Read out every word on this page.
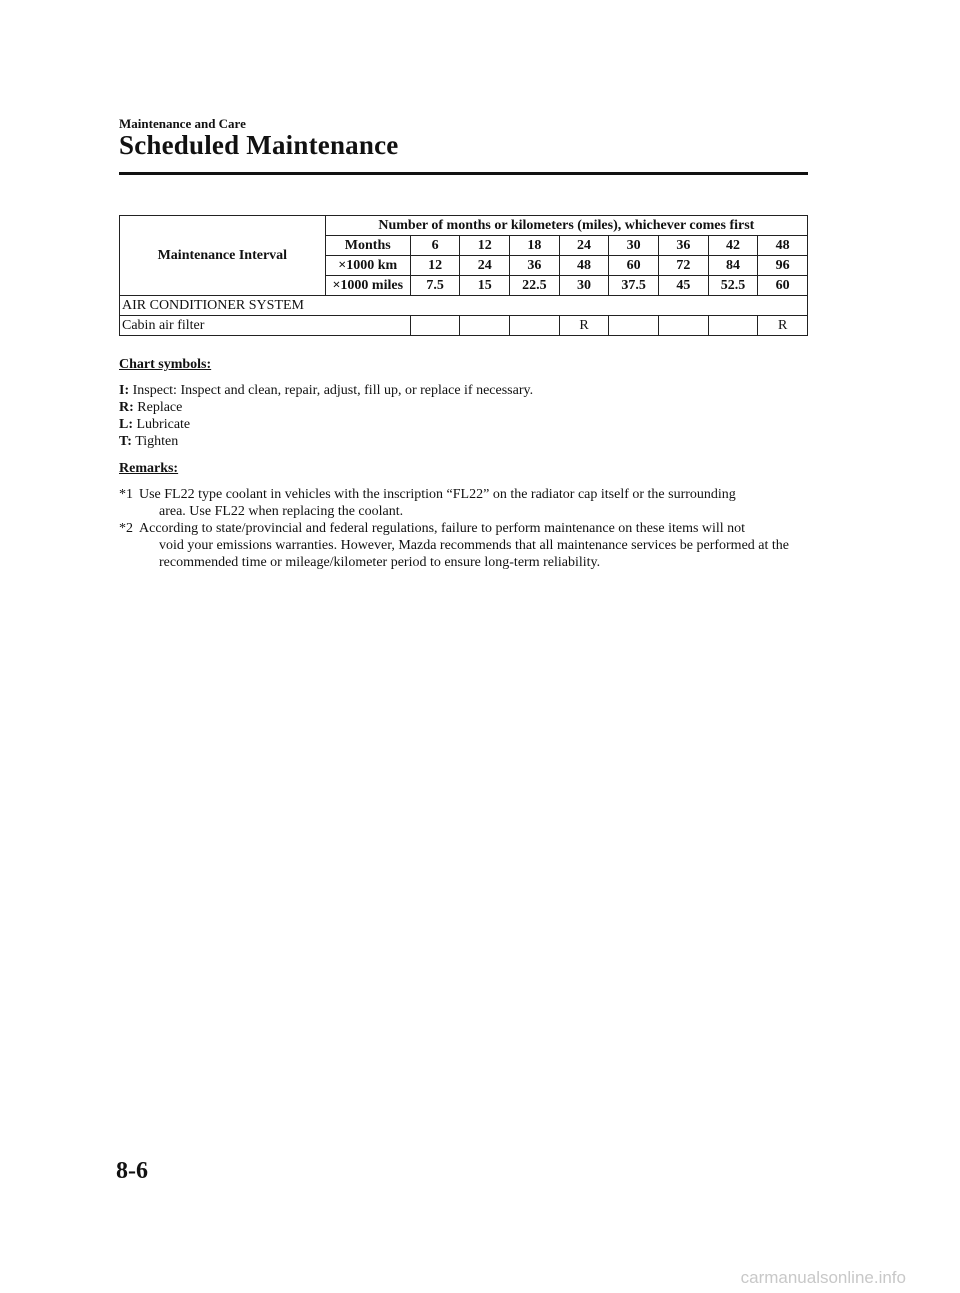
Maintenance and Care
Scheduled Maintenance
Maintenance Interval	Number of months or kilometers (miles), whichever comes first								
	Months	6	12	18	24	30	36	42	48
	×1000 km	12	24	36	48	60	72	84	96
	×1000 miles	7.5	15	22.5	30	37.5	45	52.5	60
AIR CONDITIONER SYSTEM									
Cabin air filter					R				R
Chart symbols:
I: Inspect: Inspect and clean, repair, adjust, fill up, or replace if necessary.
R: Replace
L: Lubricate
T: Tighten
Remarks:
*1 Use FL22 type coolant in vehicles with the inscription “FL22” on the radiator cap itself or the surrounding
area. Use FL22 when replacing the coolant.
*2 According to state/provincial and federal regulations, failure to perform maintenance on these items will not
void your emissions warranties. However, Mazda recommends that all maintenance services be performed at the recommended time or mileage/kilometer period to ensure long-term reliability.
8-6
carmanualsonline.info
